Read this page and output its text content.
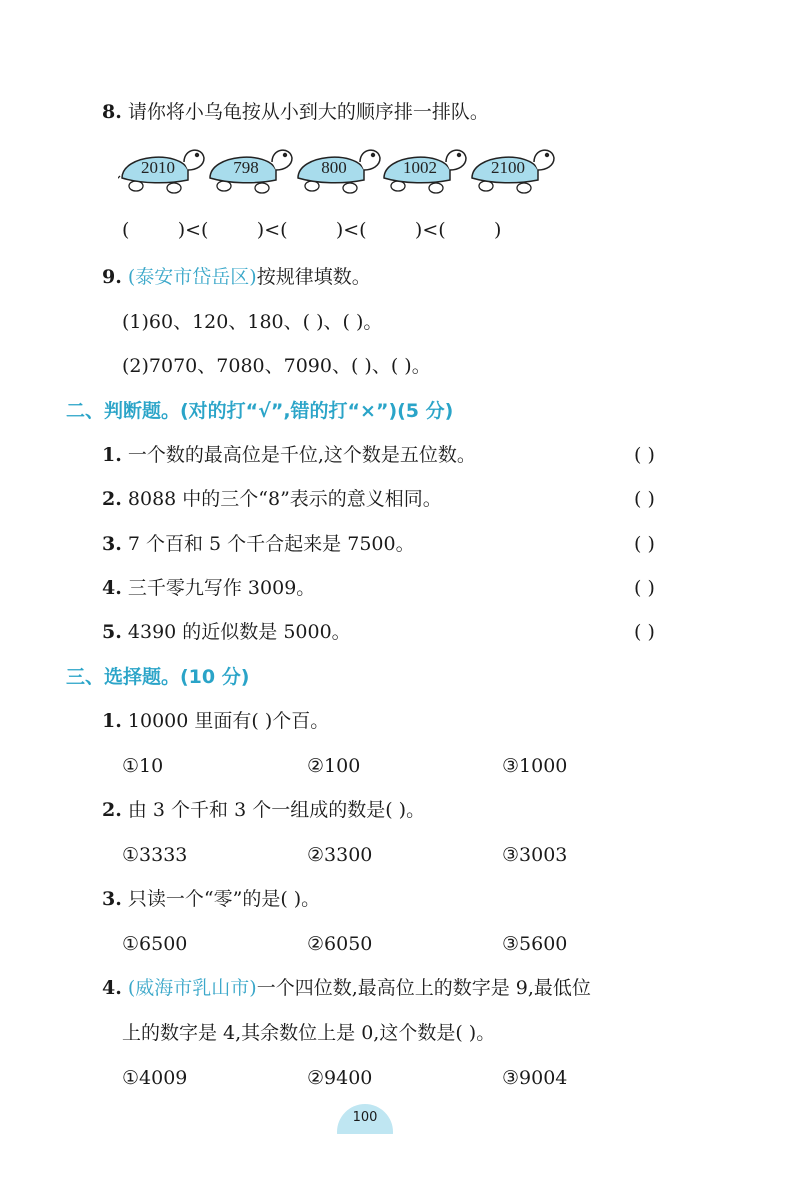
8. 请你将小乌龟按从小到大的顺序排一排队。
2010	798	800	1002	2100
(        )<(        )<(        )<(        )<(        )
9. (泰安市岱岳区)按规律填数。
(1)60、120、180、( )、( )。
(2)7070、7080、7090、( )、( )。
二、判断题。(对的打“√”,错的打“×”)(5 分)
1. 一个数的最高位是千位,这个数是五位数。	( )
2. 8088 中的三个“8”表示的意义相同。	( )
3. 7 个百和 5 个千合起来是 7500。	( )
4. 三千零九写作 3009。	( )
5. 4390 的近似数是 5000。	( )
三、选择题。(10 分)
1. 10000 里面有( )个百。
①10	②100	③1000
2. 由 3 个千和 3 个一组成的数是( )。
①3333	②3300	③3003
3. 只读一个“零”的是( )。
①6500	②6050	③5600
4. (威海市乳山市)一个四位数,最高位上的数字是 9,最低位
上的数字是 4,其余数位上是 0,这个数是( )。
①4009	②9400	③9004
100
